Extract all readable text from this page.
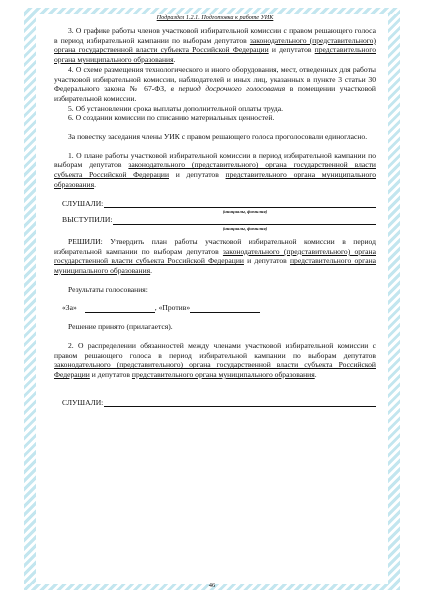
Подраздел 1.2.1. Подготовка к работе УИК

3. О графике работы членов участковой избирательной комиссии с правом решающего голоса в период избирательной кампании по выборам депутатов законодательного (представительного) органа государственной власти субъекта Российской Федерации и депутатов представительного органа муниципального образования.

4. О схеме размещения технологического и иного оборудования, мест, отведенных для работы участковой избирательной комиссии, наблюдателей и иных лиц, указанных в пункте 3 статьи 30 Федерального закона № 67-ФЗ, в период досрочного голосования в помещении участковой избирательной комиссии.

5. Об установлении срока выплаты дополнительной оплаты труда.

6. О создании комиссии по списанию материальных ценностей.

За повестку заседания члены УИК с правом решающего голоса проголосовали единогласно.

1. О плане работы участковой избирательной комиссии в период избирательной кампании по выборам депутатов законодательного (представительного) органа государственной власти субъекта Российской Федерации и депутатов представительного органа муниципального образования.

СЛУШАЛИ:
(инициалы, фамилия)
ВЫСТУПИЛИ:
(инициалы, фамилия)

РЕШИЛИ: Утвердить план работы участковой избирательной комиссии в период избирательной кампании по выборам депутатов законодательного (представительного) органа государственной власти субъекта Российской Федерации и депутатов представительного органа муниципального образования.

Результаты голосования:

«За»	, «Против»

Решение принято (прилагается).

2. О распределении обязанностей между членами участковой избирательной комиссии с правом решающего голоса в период избирательной кампании по выборам депутатов законодательного (представительного) органа государственной власти субъекта Российской Федерации и депутатов представительного органа муниципального образования.

СЛУШАЛИ:
46
